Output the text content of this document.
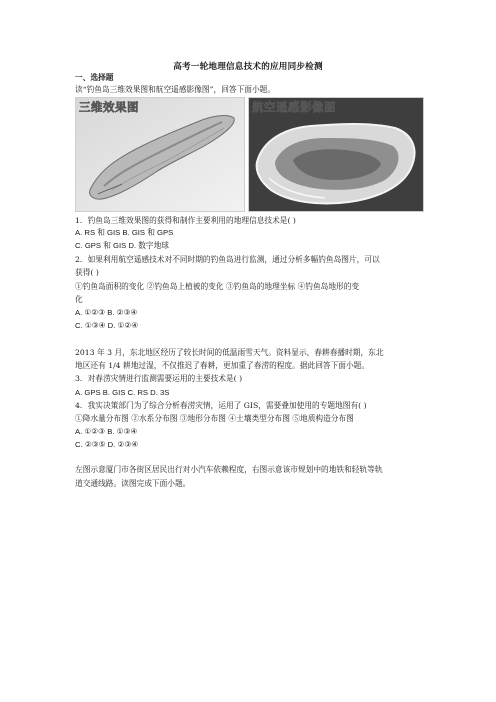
高考一轮地理信息技术的应用同步检测
一、选择题
读“钓鱼岛三维效果图和航空遥感影像图”，回答下面小题。
三维效果图	航空遥感影像图
1．钓鱼岛三维效果图的获得和制作主要利用的地理信息技术是( )
A. RS 和 GIS B. GIS 和 GPS
C. GPS 和 GIS D. 数字地球
2．如果利用航空遥感技术对不同时期的钓鱼岛进行监测，通过分析多幅钓鱼岛图片，可以
获得( )
①钓鱼岛面积的变化 ②钓鱼岛上植被的变化 ③钓鱼岛的地理坐标 ④钓鱼岛地形的变
化
A. ①②③ B. ②③④
C. ①③④ D. ①②④
2013 年 3 月，东北地区经历了较长时间的低温雨雪天气。资料显示，春耕春播时期，东北
地区还有 1/4 耕地过湿，不仅推迟了春耕，更加重了春涝的程度。据此回答下面小题。
3．对春涝灾情进行监测需要运用的主要技术是( )
A. GPS B. GIS C. RS D. 3S
4．我实决策部门为了综合分析春涝灾情，运用了 GIS，需要叠加使用的专题地图有( )
①降水量分布图 ②水系分布图 ③地形分布图 ④土壤类型分布图 ⑤地质构造分布图
A. ①②③ B. ①③④
C. ②③⑤ D. ②③④
左图示意厦门市各街区居民出行对小汽车依赖程度，右图示意该市规划中的地铁和轻轨等轨
道交通线路。读图完成下面小题。
